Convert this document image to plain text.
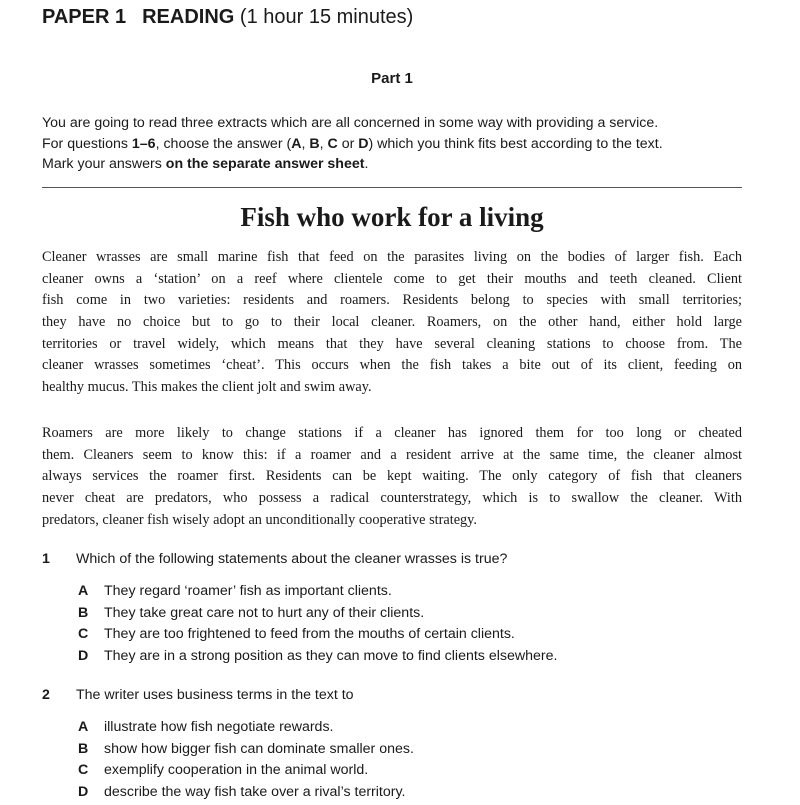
PAPER 1 READING (1 hour 15 minutes)
Part 1
You are going to read three extracts which are all concerned in some way with providing a service.
For questions 1–6, choose the answer (A, B, C or D) which you think fits best according to the text.
Mark your answers on the separate answer sheet.
Fish who work for a living
Cleaner wrasses are small marine fish that feed on the parasites living on the bodies of larger fish. Each
cleaner owns a ‘station’ on a reef where clientele come to get their mouths and teeth cleaned. Client
fish come in two varieties: residents and roamers. Residents belong to species with small territories;
they have no choice but to go to their local cleaner. Roamers, on the other hand, either hold large
territories or travel widely, which means that they have several cleaning stations to choose from. The
cleaner wrasses sometimes ‘cheat’. This occurs when the fish takes a bite out of its client, feeding on
healthy mucus. This makes the client jolt and swim away.
Roamers are more likely to change stations if a cleaner has ignored them for too long or cheated
them. Cleaners seem to know this: if a roamer and a resident arrive at the same time, the cleaner almost
always services the roamer first. Residents can be kept waiting. The only category of fish that cleaners
never cheat are predators, who possess a radical counterstrategy, which is to swallow the cleaner. With
predators, cleaner fish wisely adopt an unconditionally cooperative strategy.
1 Which of the following statements about the cleaner wrasses is true?
A They regard ‘roamer’ fish as important clients.
B They take great care not to hurt any of their clients.
C They are too frightened to feed from the mouths of certain clients.
D They are in a strong position as they can move to find clients elsewhere.
2 The writer uses business terms in the text to
A illustrate how fish negotiate rewards.
B show how bigger fish can dominate smaller ones.
C exemplify cooperation in the animal world.
D describe the way fish take over a rival’s territory.
